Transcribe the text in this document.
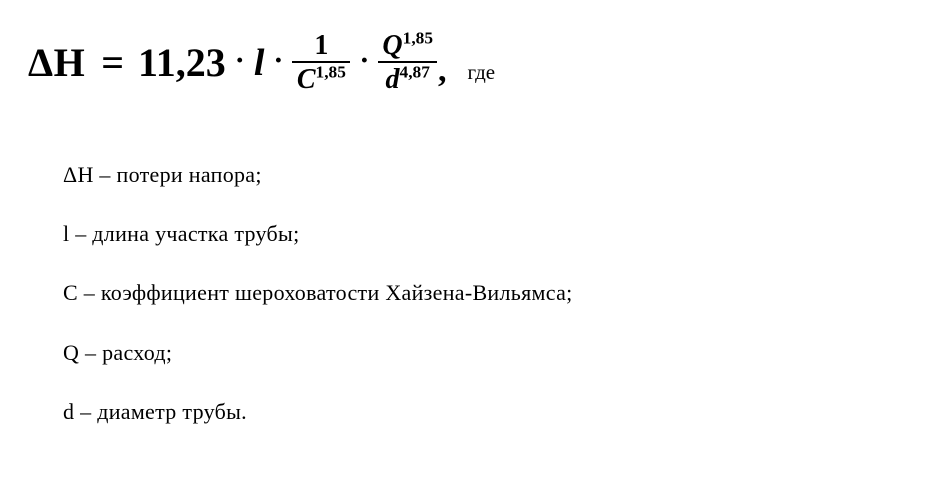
$\Delta H = 11,23 \cdot l \cdot \frac{1}{C^{1,85}} \cdot \frac{Q^{1,85}}{d^{4,87}}$ , где
ΔH – потери напора;
l – длина участка трубы;
С – коэффициент шероховатости Хайзена-Вильямса;
Q – расход;
d – диаметр трубы.
